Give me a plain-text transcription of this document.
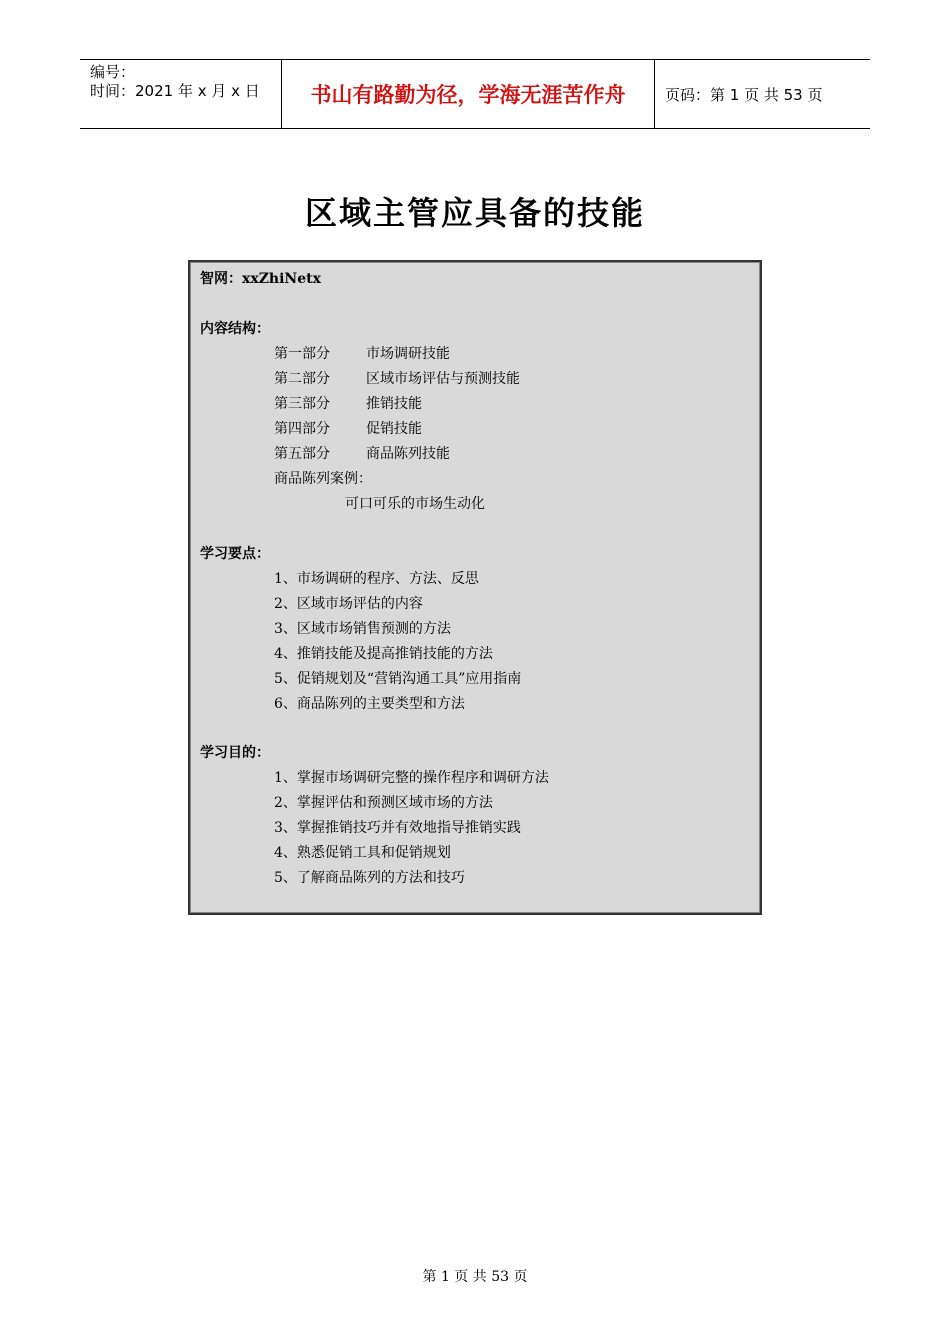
编号：
时间：2021 年 x 月 x 日	书山有路勤为径，学海无涯苦作舟	页码：第 1 页 共 53 页
区域主管应具备的技能
智网：xxZhiNetx
内容结构：
第一部分	市场调研技能
第二部分	区域市场评估与预测技能
第三部分	推销技能
第四部分	促销技能
第五部分	商品陈列技能
商品陈列案例：
可口可乐的市场生动化
学习要点：
1、市场调研的程序、方法、反思
2、区域市场评估的内容
3、区域市场销售预测的方法
4、推销技能及提高推销技能的方法
5、促销规划及“营销沟通工具”应用指南
6、商品陈列的主要类型和方法
学习目的：
1、掌握市场调研完整的操作程序和调研方法
2、掌握评估和预测区域市场的方法
3、掌握推销技巧并有效地指导推销实践
4、熟悉促销工具和促销规划
5、了解商品陈列的方法和技巧
第 1 页 共 53 页
